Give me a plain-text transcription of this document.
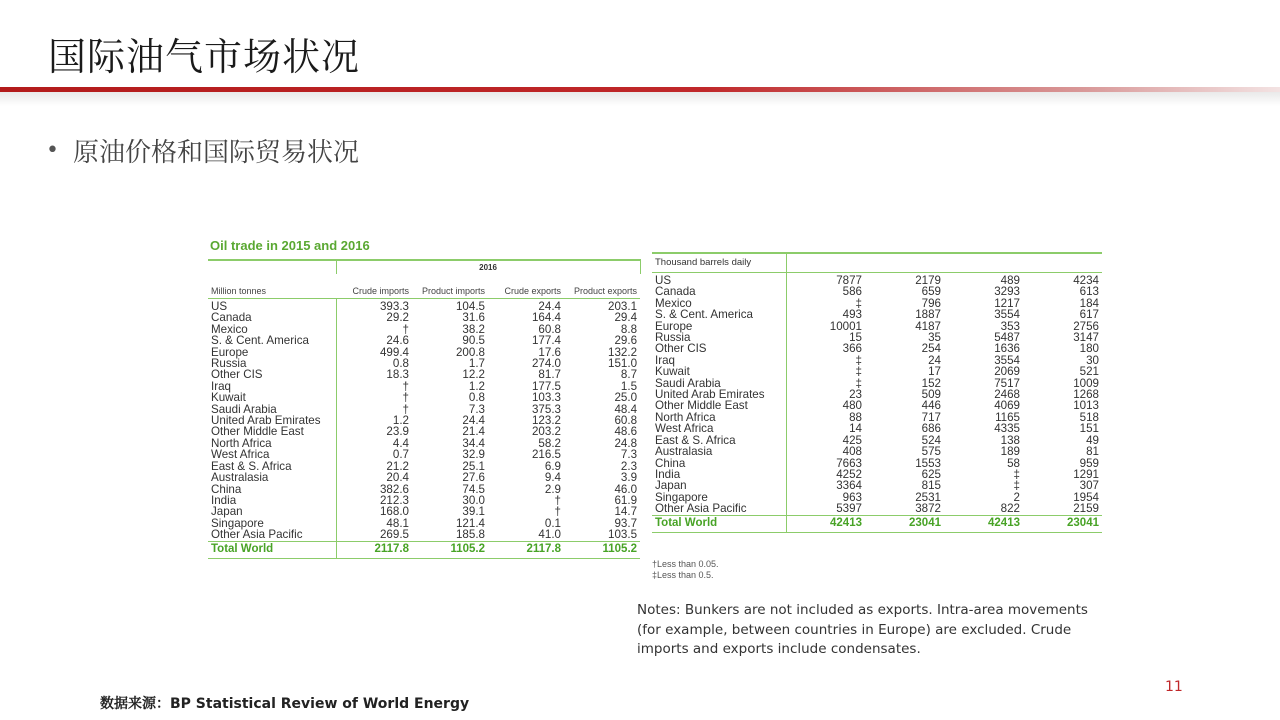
国际油气市场状况
• 原油价格和国际贸易状况
Oil trade in 2015 and 2016
	2016			
Million tonnes	Crude imports	Product imports	Crude exports	Product exports
US	393.3	104.5	24.4	203.1
Canada	29.2	31.6	164.4	29.4
Mexico	†	38.2	60.8	8.8
S. & Cent. America	24.6	90.5	177.4	29.6
Europe	499.4	200.8	17.6	132.2
Russia	0.8	1.7	274.0	151.0
Other CIS	18.3	12.2	81.7	8.7
Iraq	†	1.2	177.5	1.5
Kuwait	†	0.8	103.3	25.0
Saudi Arabia	†	7.3	375.3	48.4
United Arab Emirates	1.2	24.4	123.2	60.8
Other Middle East	23.9	21.4	203.2	48.6
North Africa	4.4	34.4	58.2	24.8
West Africa	0.7	32.9	216.5	7.3
East & S. Africa	21.2	25.1	6.9	2.3
Australasia	20.4	27.6	9.4	3.9
China	382.6	74.5	2.9	46.0
India	212.3	30.0	†	61.9
Japan	168.0	39.1	†	14.7
Singapore	48.1	121.4	0.1	93.7
Other Asia Pacific	269.5	185.8	41.0	103.5
Total World	2117.8	1105.2	2117.8	1105.2
Thousand barrels daily				
US	7877	2179	489	4234
Canada	586	659	3293	613
Mexico	‡	796	1217	184
S. & Cent. America	493	1887	3554	617
Europe	10001	4187	353	2756
Russia	15	35	5487	3147
Other CIS	366	254	1636	180
Iraq	‡	24	3554	30
Kuwait	‡	17	2069	521
Saudi Arabia	‡	152	7517	1009
United Arab Emirates	23	509	2468	1268
Other Middle East	480	446	4069	1013
North Africa	88	717	1165	518
West Africa	14	686	4335	151
East & S. Africa	425	524	138	49
Australasia	408	575	189	81
China	7663	1553	58	959
India	4252	625	‡	1291
Japan	3364	815	‡	307
Singapore	963	2531	2	1954
Other Asia Pacific	5397	3872	822	2159
Total World	42413	23041	42413	23041
†Less than 0.05.
‡Less than 0.5.
Notes: Bunkers are not included as exports. Intra-area movements (for example, between countries in Europe) are excluded. Crude imports and exports include condensates.
数据来源：BP Statistical Review of World Energy
11
